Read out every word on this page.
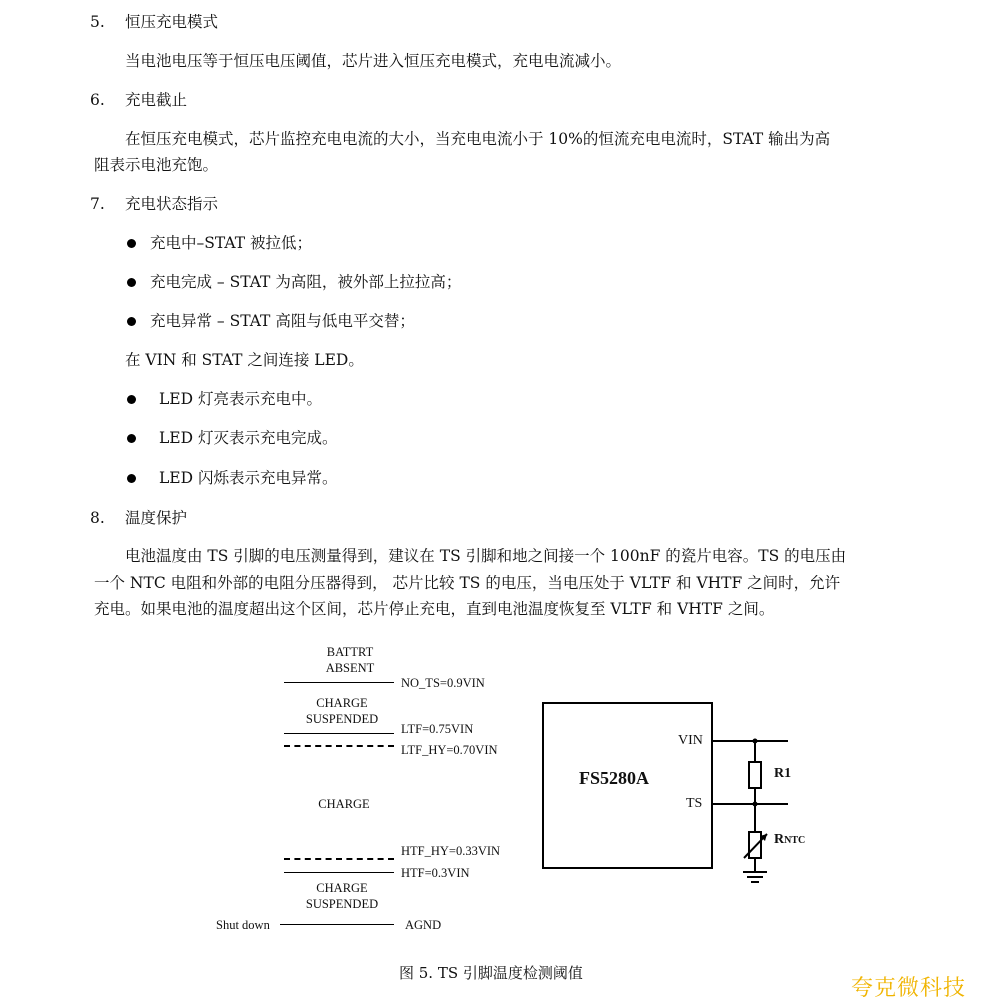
5. 恒压充电模式
当电池电压等于恒压电压阈值，芯片进入恒压充电模式，充电电流减小。
6. 充电截止
在恒压充电模式，芯片监控充电电流的大小，当充电电流小于 10%的恒流充电电流时，STAT 输出为高
阻表示电池充饱。
7. 充电状态指示
充电中–STAT 被拉低；
充电完成 – STAT 为高阻，被外部上拉拉高；
充电异常 – STAT 高阻与低电平交替；
在 VIN 和 STAT 之间连接 LED。
LED 灯亮表示充电中。
LED 灯灭表示充电完成。
LED 闪烁表示充电异常。
8. 温度保护
电池温度由 TS 引脚的电压测量得到，建议在 TS 引脚和地之间接一个 100nF 的瓷片电容。TS 的电压由
一个 NTC 电阻和外部的电阻分压器得到， 芯片比较 TS 的电压，当电压处于 VLTF 和 VHTF 之间时，允许
充电。如果电池的温度超出这个区间，芯片停止充电，直到电池温度恢复至 VLTF 和 VHTF 之间。
BATTRT
ABSENT
NO_TS=0.9VIN
CHARGE
SUSPENDED
LTF=0.75VIN
LTF_HY=0.70VIN
CHARGE
HTF_HY=0.33VIN
HTF=0.3VIN
CHARGE
SUSPENDED
Shut down	AGND
FS5280A
VIN
TS
R1
RNTC
图 5. TS 引脚温度检测阈值
夸克微科技
